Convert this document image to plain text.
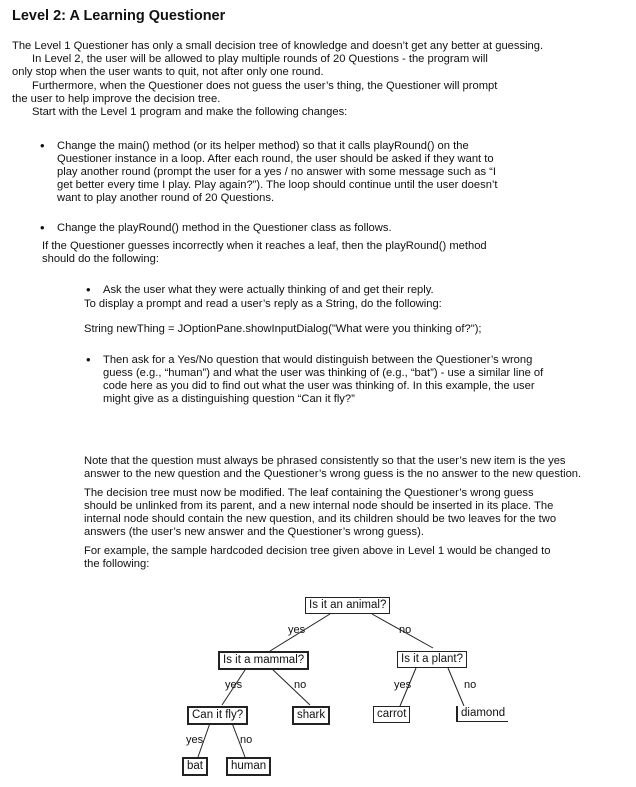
Level 2: A Learning Questioner
The Level 1 Questioner has only a small decision tree of knowledge and doesn’t get any better at guessing.
In Level 2, the user will be allowed to play multiple rounds of 20 Questions - the program will
only stop when the user wants to quit, not after only one round.
Furthermore, when the Questioner does not guess the user’s thing, the Questioner will prompt
the user to help improve the decision tree.
Start with the Level 1 program and make the following changes:
• Change the main() method (or its helper method) so that it calls playRound() on the
Questioner instance in a loop. After each round, the user should be asked if they want to
play another round (prompt the user for a yes / no answer with some message such as “I
get better every time I play. Play again?”). The loop should continue until the user doesn’t
want to play another round of 20 Questions.
• Change the playRound() method in the Questioner class as follows.
If the Questioner guesses incorrectly when it reaches a leaf, then the playRound() method
should do the following:
• Ask the user what they were actually thinking of and get their reply.
To display a prompt and read a user’s reply as a String, do the following:
String newThing = JOptionPane.showInputDialog("What were you thinking of?");
• Then ask for a Yes/No question that would distinguish between the Questioner’s wrong
guess (e.g., “human”) and what the user was thinking of (e.g., “bat”) - use a similar line of
code here as you did to find out what the user was thinking of. In this example, the user
might give as a distinguishing question “Can it fly?”
Note that the question must always be phrased consistently so that the user’s new item is the yes
answer to the new question and the Questioner’s wrong guess is the no answer to the new question.
The decision tree must now be modified. The leaf containing the Questioner’s wrong guess
should be unlinked from its parent, and a new internal node should be inserted in its place. The
internal node should contain the new question, and its children should be two leaves for the two
answers (the user’s new answer and the Questioner’s wrong guess).
For example, the sample hardcoded decision tree given above in Level 1 would be changed to
the following:
Is it an animal?
Is it a mammal?	Is it a plant?
Can it fly?	shark	carrot	diamond
bat	human
yes	no
yes	no	yes	no
yes	no
